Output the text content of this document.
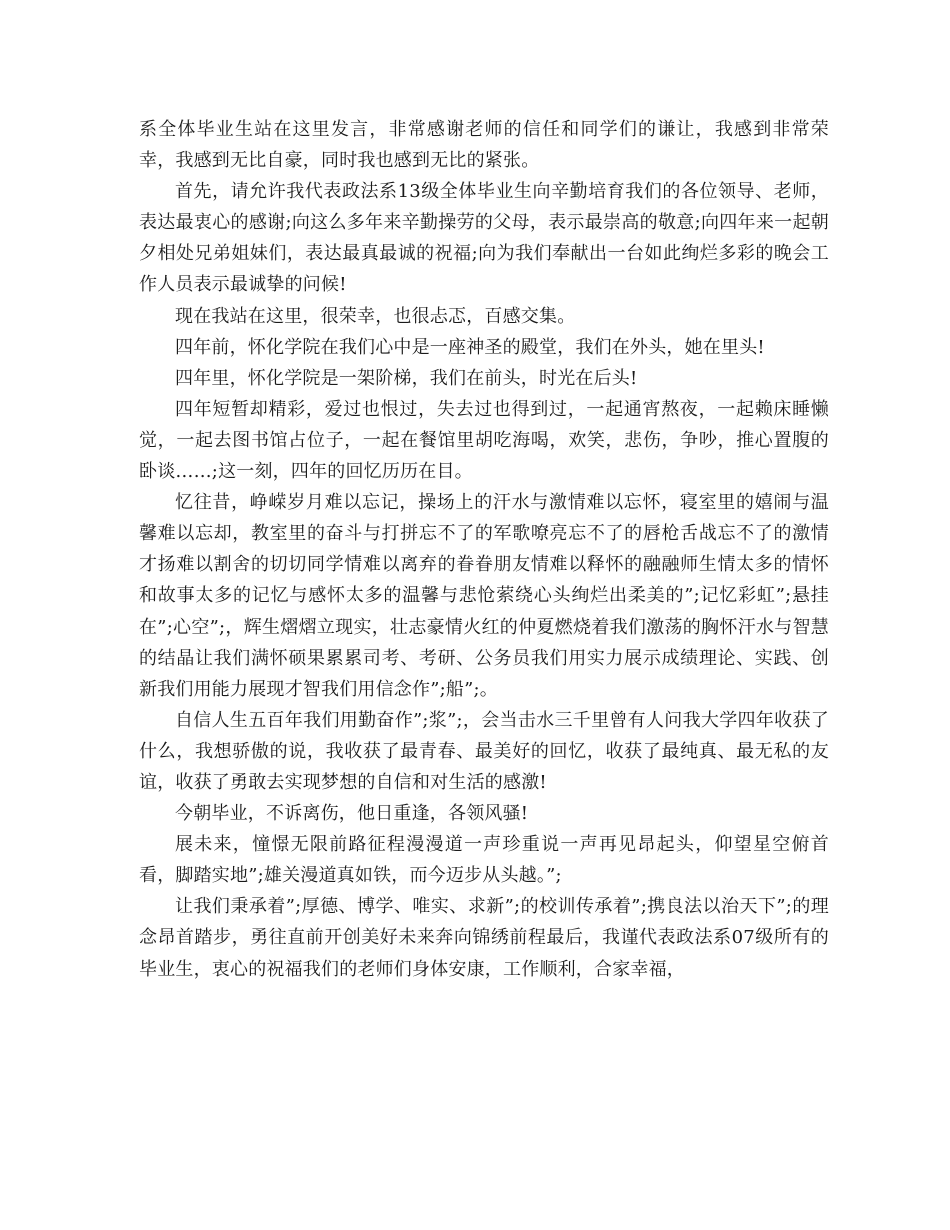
系全体毕业生站在这里发言，非常感谢老师的信任和同学们的谦让，我感到非常荣幸，我感到无比自豪，同时我也感到无比的紧张。

首先，请允许我代表政法系13级全体毕业生向辛勤培育我们的各位领导、老师，表达最衷心的感谢;向这么多年来辛勤操劳的父母，表示最崇高的敬意;向四年来一起朝夕相处兄弟姐妹们，表达最真最诚的祝福;向为我们奉献出一台如此绚烂多彩的晚会工作人员表示最诚挚的问候!

现在我站在这里，很荣幸，也很忐忑，百感交集。

四年前，怀化学院在我们心中是一座神圣的殿堂，我们在外头，她在里头!

四年里，怀化学院是一架阶梯，我们在前头，时光在后头!

四年短暂却精彩，爱过也恨过，失去过也得到过，一起通宵熬夜，一起赖床睡懒觉，一起去图书馆占位子，一起在餐馆里胡吃海喝，欢笑，悲伤，争吵，推心置腹的卧谈……;这一刻，四年的回忆历历在目。

忆往昔，峥嵘岁月难以忘记，操场上的汗水与激情难以忘怀，寝室里的嬉闹与温馨难以忘却，教室里的奋斗与打拼忘不了的军歌嘹亮忘不了的唇枪舌战忘不了的激情才扬难以割舍的切切同学情难以离弃的眷眷朋友情难以释怀的融融师生情太多的情怀和故事太多的记忆与感怀太多的温馨与悲怆萦绕心头绚烂出柔美的”;记忆彩虹”;悬挂在”;心空”;，辉生熠熠立现实，壮志豪情火红的仲夏燃烧着我们激荡的胸怀汗水与智慧的结晶让我们满怀硕果累累司考、考研、公务员我们用实力展示成绩理论、实践、创新我们用能力展现才智我们用信念作”;船”;。

自信人生五百年我们用勤奋作”;浆”;，会当击水三千里曾有人问我大学四年收获了什么，我想骄傲的说，我收获了最青春、最美好的回忆，收获了最纯真、最无私的友谊，收获了勇敢去实现梦想的自信和对生活的感激!

今朝毕业，不诉离伤，他日重逢，各领风骚!

展未来，憧憬无限前路征程漫漫道一声珍重说一声再见昂起头，仰望星空俯首看，脚踏实地”;雄关漫道真如铁，而今迈步从头越。”;

让我们秉承着”;厚德、博学、唯实、求新”;的校训传承着”;携良法以治天下”;的理念昂首踏步，勇往直前开创美好未来奔向锦绣前程最后，我谨代表政法系07级所有的毕业生，衷心的祝福我们的老师们身体安康，工作顺利，合家幸福，
